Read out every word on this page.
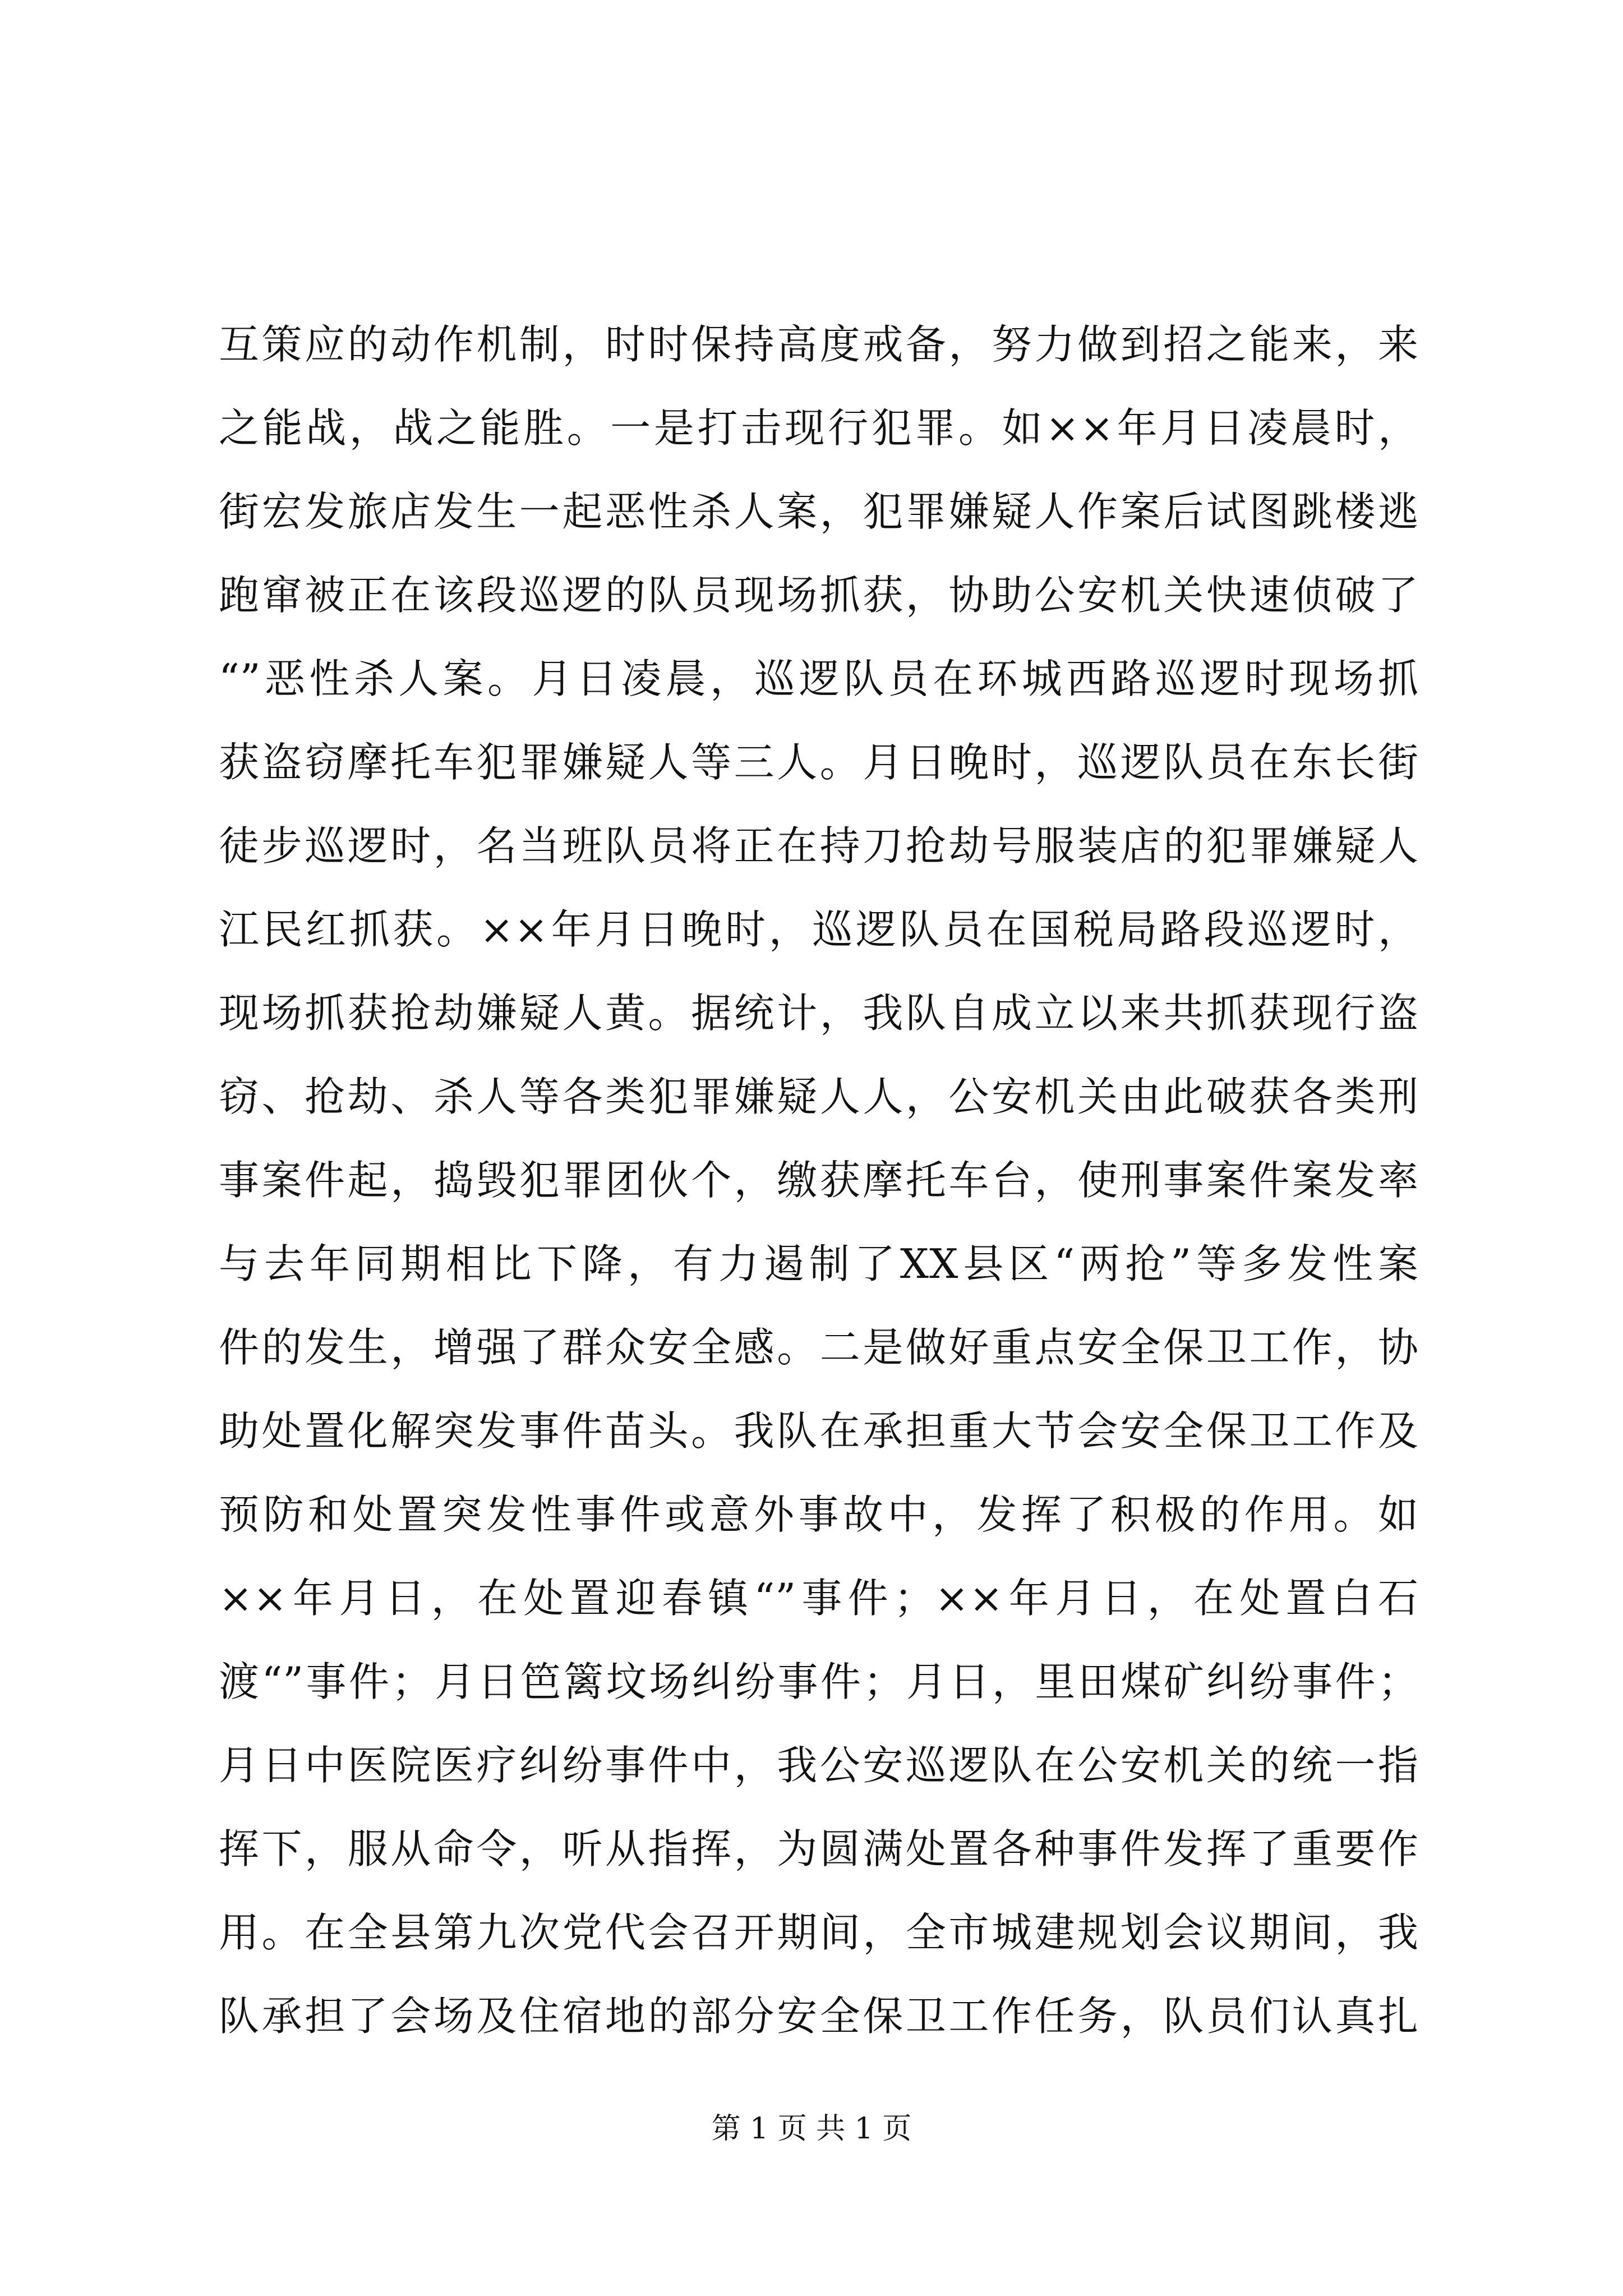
互策应的动作机制，时时保持高度戒备，努力做到招之能来，来
之能战，战之能胜。一是打击现行犯罪。如××年月日凌晨时，
街宏发旅店发生一起恶性杀人案，犯罪嫌疑人作案后试图跳楼逃
跑窜被正在该段巡逻的队员现场抓获，协助公安机关快速侦破了
“”恶性杀人案。月日凌晨，巡逻队员在环城西路巡逻时现场抓
获盗窃摩托车犯罪嫌疑人等三人。月日晚时，巡逻队员在东长街
徒步巡逻时，名当班队员将正在持刀抢劫号服装店的犯罪嫌疑人
江民红抓获。××年月日晚时，巡逻队员在国税局路段巡逻时，
现场抓获抢劫嫌疑人黄。据统计，我队自成立以来共抓获现行盗
窃、抢劫、杀人等各类犯罪嫌疑人人，公安机关由此破获各类刑
事案件起，捣毁犯罪团伙个，缴获摩托车台，使刑事案件案发率
与去年同期相比下降，有力遏制了XX县区“两抢”等多发性案
件的发生，增强了群众安全感。二是做好重点安全保卫工作，协
助处置化解突发事件苗头。我队在承担重大节会安全保卫工作及
预防和处置突发性事件或意外事故中，发挥了积极的作用。如
××年月日，在处置迎春镇“”事件；××年月日，在处置白石
渡“”事件；月日笆篱坟场纠纷事件；月日，里田煤矿纠纷事件；
月日中医院医疗纠纷事件中，我公安巡逻队在公安机关的统一指
挥下，服从命令，听从指挥，为圆满处置各种事件发挥了重要作
用。在全县第九次党代会召开期间，全市城建规划会议期间，我
队承担了会场及住宿地的部分安全保卫工作任务，队员们认真扎
第 1 页 共 1 页
